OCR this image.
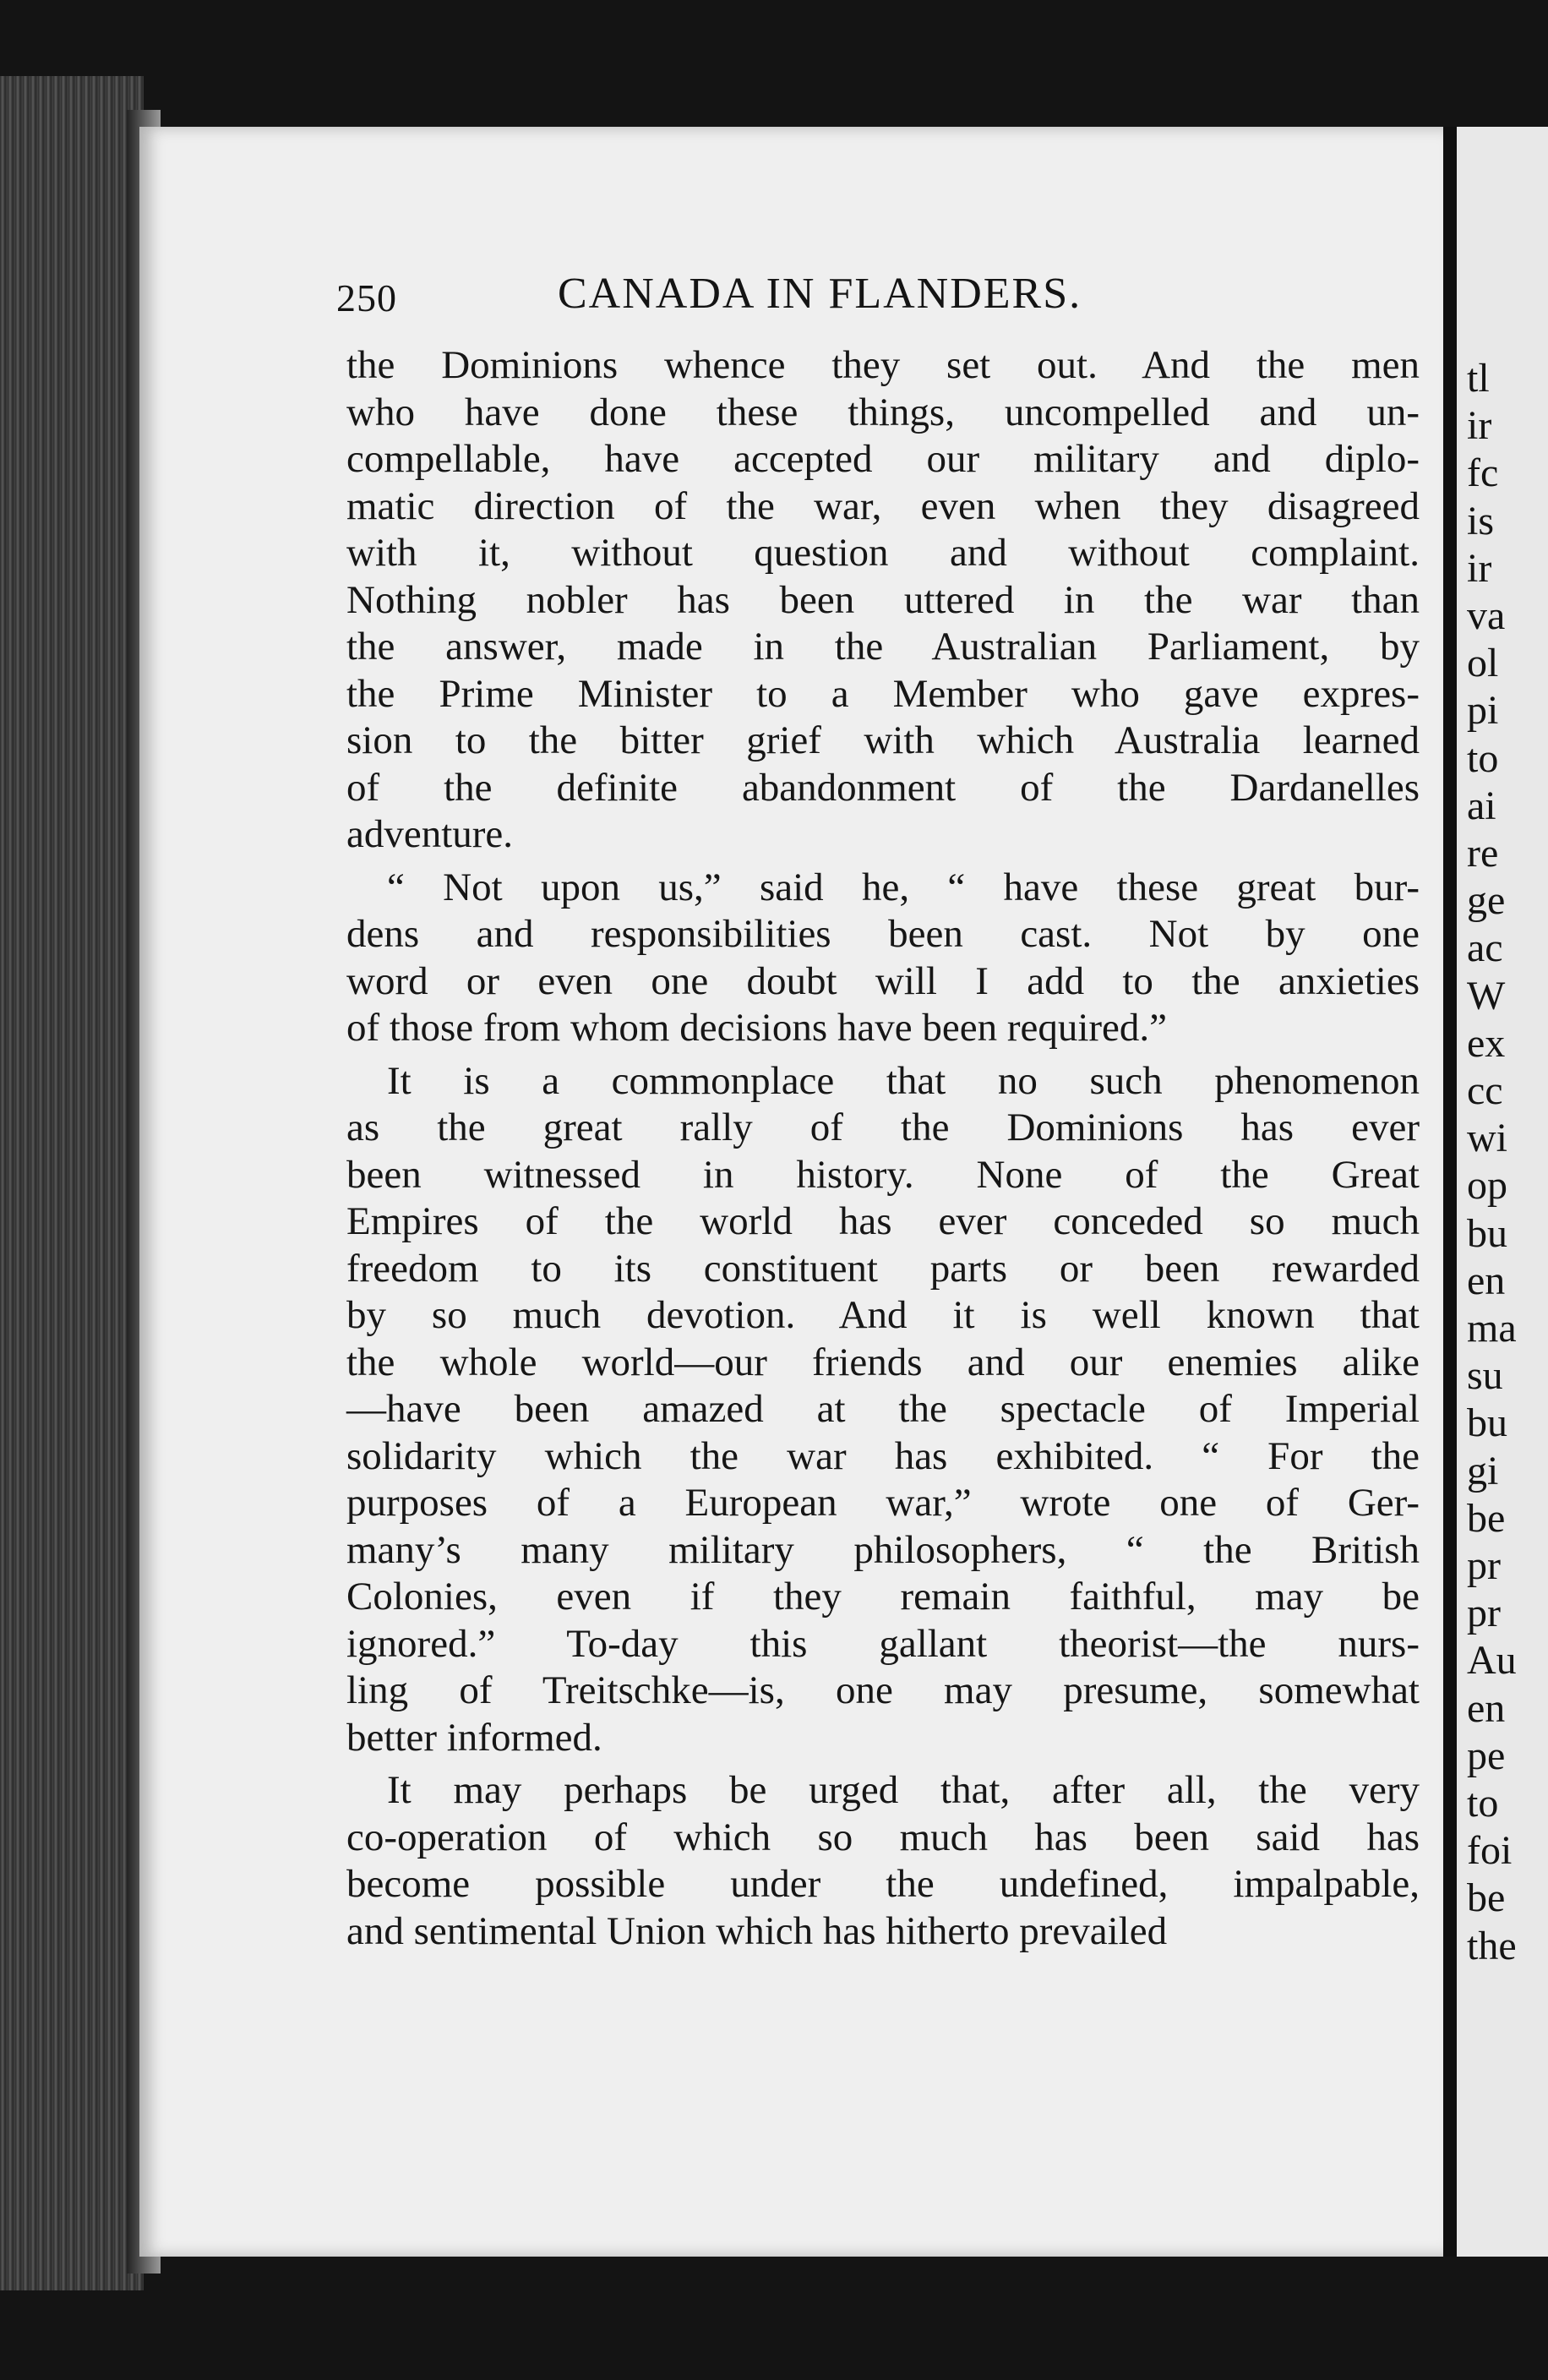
250	CANADA IN FLANDERS.
the Dominions whence they set out. And the men
who have done these things, uncompelled and un-
compellable, have accepted our military and diplo-
matic direction of the war, even when they disagreed
with it, without question and without complaint.
Nothing nobler has been uttered in the war than
the answer, made in the Australian Parliament, by
the Prime Minister to a Member who gave expres-
sion to the bitter grief with which Australia learned
of the definite abandonment of the Dardanelles
adventure.
“ Not upon us,” said he, “ have these great bur-
dens and responsibilities been cast. Not by one
word or even one doubt will I add to the anxieties
of those from whom decisions have been required.”
It is a commonplace that no such phenomenon
as the great rally of the Dominions has ever
been witnessed in history. None of the Great
Empires of the world has ever conceded so much
freedom to its constituent parts or been rewarded
by so much devotion. And it is well known that
the whole world—our friends and our enemies alike
—have been amazed at the spectacle of Imperial
solidarity which the war has exhibited. “ For the
purposes of a European war,” wrote one of Ger-
many’s many military philosophers, “ the British
Colonies, even if they remain faithful, may be
ignored.” To-day this gallant theorist—the nurs-
ling of Treitschke—is, one may presume, somewhat
better informed.
It may perhaps be urged that, after all, the very
co-operation of which so much has been said has
become possible under the undefined, impalpable,
and sentimental Union which has hitherto prevailed
tl
ir
fc
is
ir
va
ol
pi
to
ai
re
ge
ac
W
ex
cc
wi
op
bu
en
ma
su
bu
gi
be
pr
pr
Au
en
pe
to
foi
be
the
